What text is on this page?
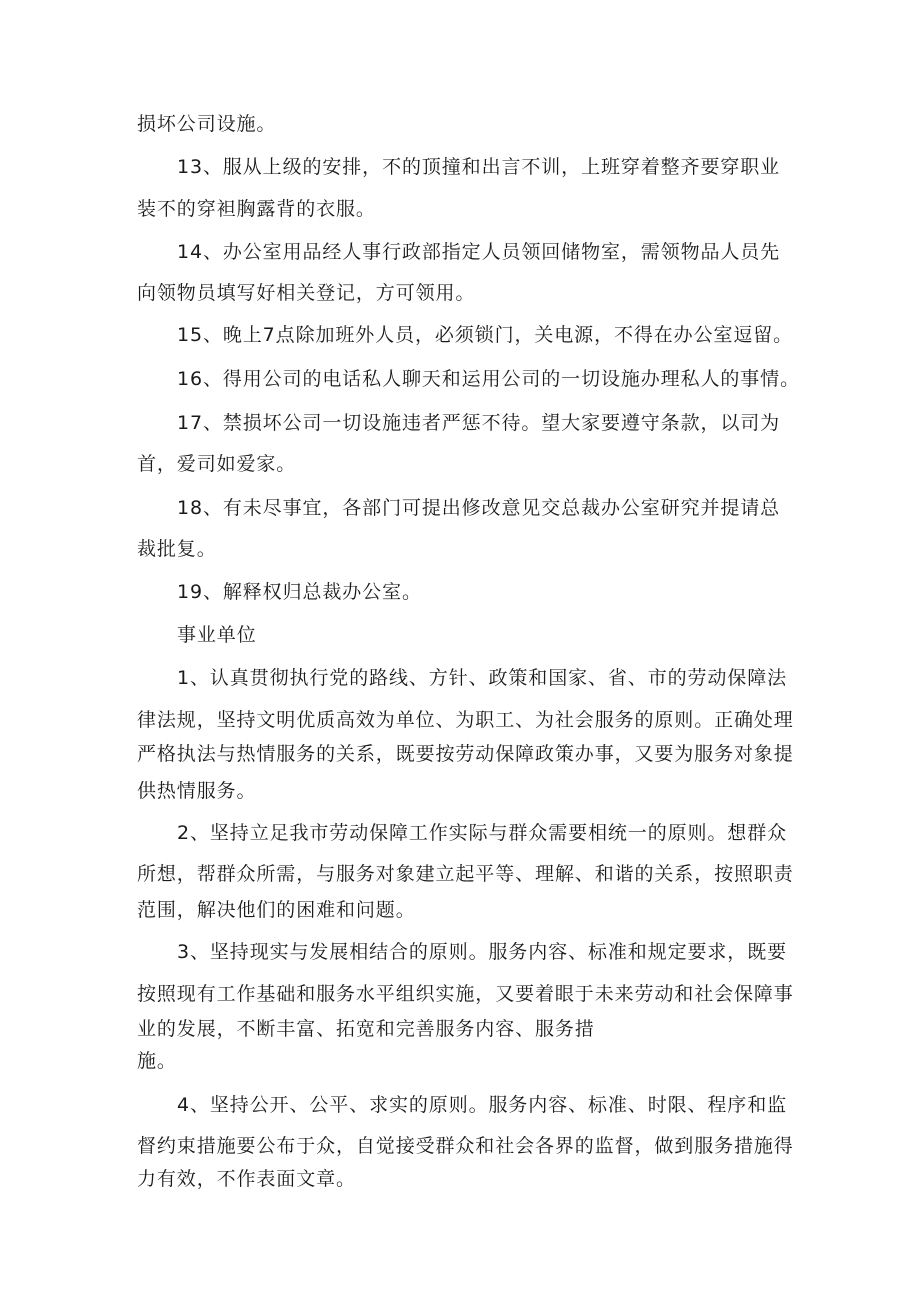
损坏公司设施。
13、服从上级的安排，不的顶撞和出言不训，上班穿着整齐要穿职业
装不的穿袒胸露背的衣服。
14、办公室用品经人事行政部指定人员领回储物室，需领物品人员先
向领物员填写好相关登记，方可领用。
15、晚上7点除加班外人员，必须锁门，关电源，不得在办公室逗留。
16、得用公司的电话私人聊天和运用公司的一切设施办理私人的事情。
17、禁损坏公司一切设施违者严惩不待。望大家要遵守条款，以司为
首，爱司如爱家。
18、有未尽事宜，各部门可提出修改意见交总裁办公室研究并提请总
裁批复。
19、解释权归总裁办公室。
事业单位
1、认真贯彻执行党的路线、方针、政策和国家、省、市的劳动保障法
律法规，坚持文明优质高效为单位、为职工、为社会服务的原则。正确处理
严格执法与热情服务的关系，既要按劳动保障政策办事，又要为服务对象提
供热情服务。
2、坚持立足我市劳动保障工作实际与群众需要相统一的原则。想群众
所想，帮群众所需，与服务对象建立起平等、理解、和谐的关系，按照职责
范围，解决他们的困难和问题。
3、坚持现实与发展相结合的原则。服务内容、标准和规定要求，既要
按照现有工作基础和服务水平组织实施，又要着眼于未来劳动和社会保障事
业的发展，不断丰富、拓宽和完善服务内容、服务措
施。
4、坚持公开、公平、求实的原则。服务内容、标准、时限、程序和监
督约束措施要公布于众，自觉接受群众和社会各界的监督，做到服务措施得
力有效，不作表面文章。
